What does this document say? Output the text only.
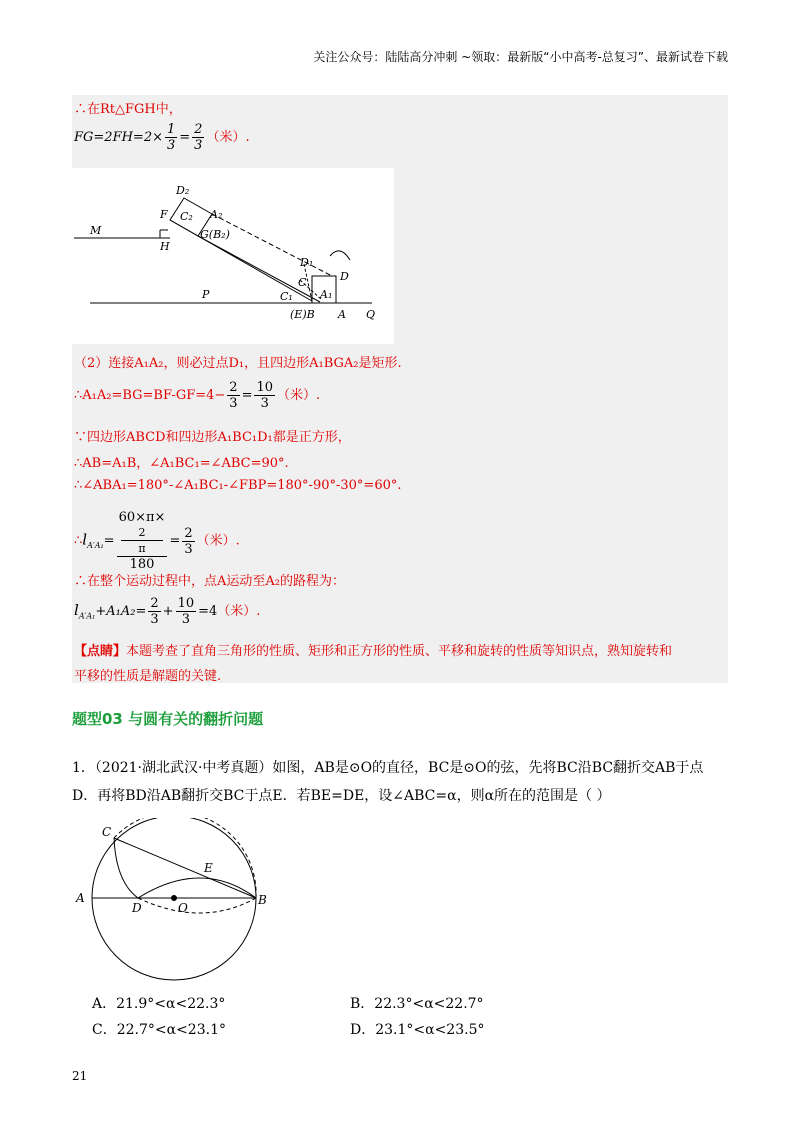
关注公众号：陆陆高分冲刺 ~领取：最新版“小中高考-总复习”、最新试卷下载
∴在Rt△FGH中，
$FG=2FH=2\times \frac{1}{3} = \frac{2}{3}$ （米）.
M
F
H
C₂
D₂
A₂
G(B₂)
D₁
C	D
C₁ A₁
P
(E)B A Q
（2）连接A₁A₂，则必过点D₁，且四边形A₁BGA₂是矩形.
∴A₁A₂=BG=BF-GF=4− $\frac{2}{3} = \frac{10}{3}$ （米）.
∵四边形ABCD和四边形A₁BC₁D₁都是正方形，
∴AB=A₁B，∠A₁BC₁=∠ABC=90°.
∴∠ABA₁=180°-∠A₁BC₁-∠FBP=180°-90°-30°=60°.
$\therefore l_{A'A_1}= 60\times\pi\times$
2
π
$180 = \frac{2}{3}$ （米）.
∴在整个运动过程中，点A运动至A₂的路程为：
$l_{A'A_1}+A_1A_2= \frac{2}{3} + \frac{10}{3} =4$（米）.
【点睛】本题考查了直角三角形的性质、矩形和正方形的性质、平移和旋转的性质等知识点，熟知旋转和
平移的性质是解题的关键.
题型03 与圆有关的翻折问题
1．（2021·湖北武汉·中考真题）如图，AB是⊙O的直径，BC是⊙O的弦，先将BC沿BC翻折交AB于点
D．再将BD沿AB翻折交BC于点E．若BE=DE，设∠ABC=α，则α所在的范围是（ ）
C
E
A
D	O
B
A．21.9°<α<22.3°	B．22.3°<α<22.7°
C．22.7°<α<23.1°	D．23.1°<α<23.5°
21
